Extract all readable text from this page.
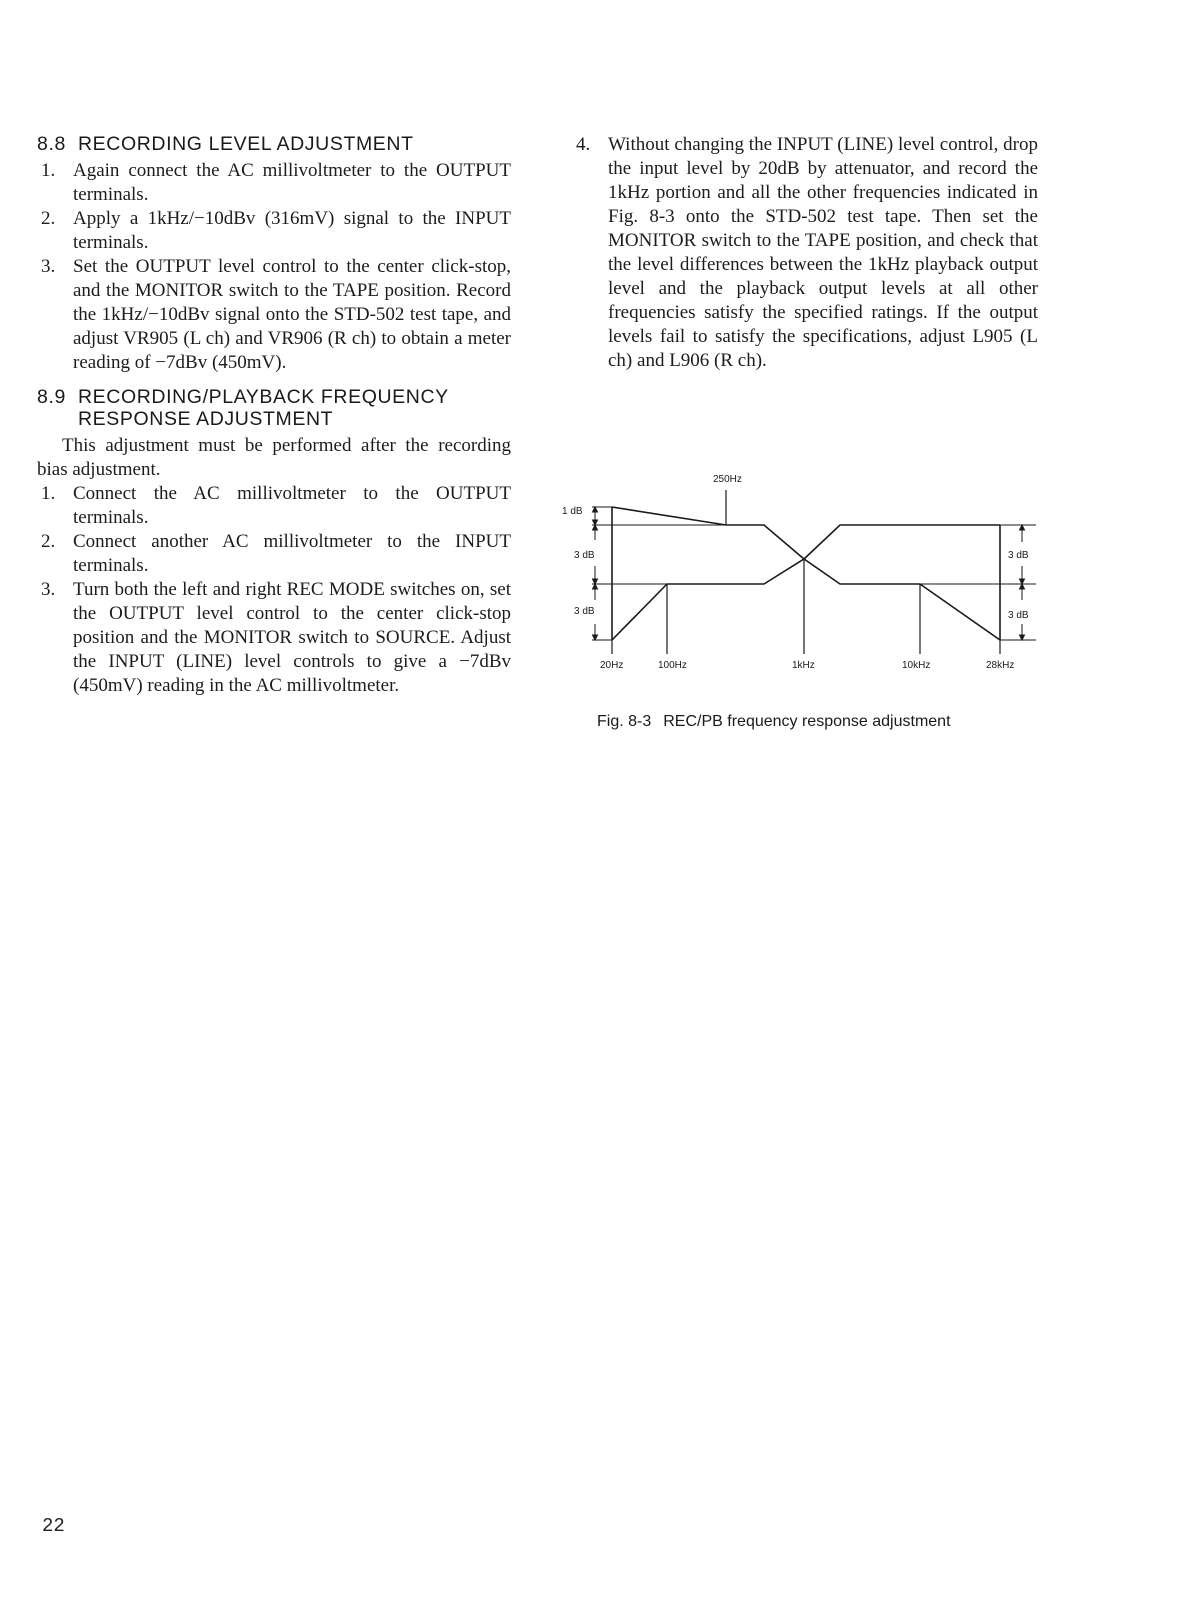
8.8 RECORDING LEVEL ADJUSTMENT
1. Again connect the AC millivoltmeter to the OUTPUT terminals.
2. Apply a 1kHz/−10dBv (316mV) signal to the INPUT terminals.
3. Set the OUTPUT level control to the center click-stop, and the MONITOR switch to the TAPE position. Record the 1kHz/−10dBv signal onto the STD-502 test tape, and adjust VR905 (L ch) and VR906 (R ch) to obtain a meter reading of −7dBv (450mV).
8.9 RECORDING/PLAYBACK FREQUENCY
RESPONSE ADJUSTMENT

This adjustment must be performed after the recording bias adjustment.

1. Connect the AC millivoltmeter to the OUTPUT terminals.
2. Connect another AC millivoltmeter to the INPUT terminals.
3. Turn both the left and right REC MODE switches on, set the OUTPUT level control to the center click-stop position and the MONITOR switch to SOURCE. Adjust the INPUT (LINE) level controls to give a −7dBv (450mV) reading in the AC millivoltmeter.
4. Without changing the INPUT (LINE) level control, drop the input level by 20dB by attenuator, and record the 1kHz portion and all the other frequencies indicated in Fig. 8-3 onto the STD-502 test tape. Then set the MONITOR switch to the TAPE position, and check that the level differences between the 1kHz playback output level and the playback output levels at all other frequencies satisfy the specified ratings. If the output levels fail to satisfy the specifications, adjust L905 (L ch) and L906 (R ch).
250Hz
1 dB
3 dB
3 dB
3 dB
3 dB
20Hz	100Hz	1kHz	10kHz	28kHz

Fig. 8-3 REC/PB frequency response adjustment

22
